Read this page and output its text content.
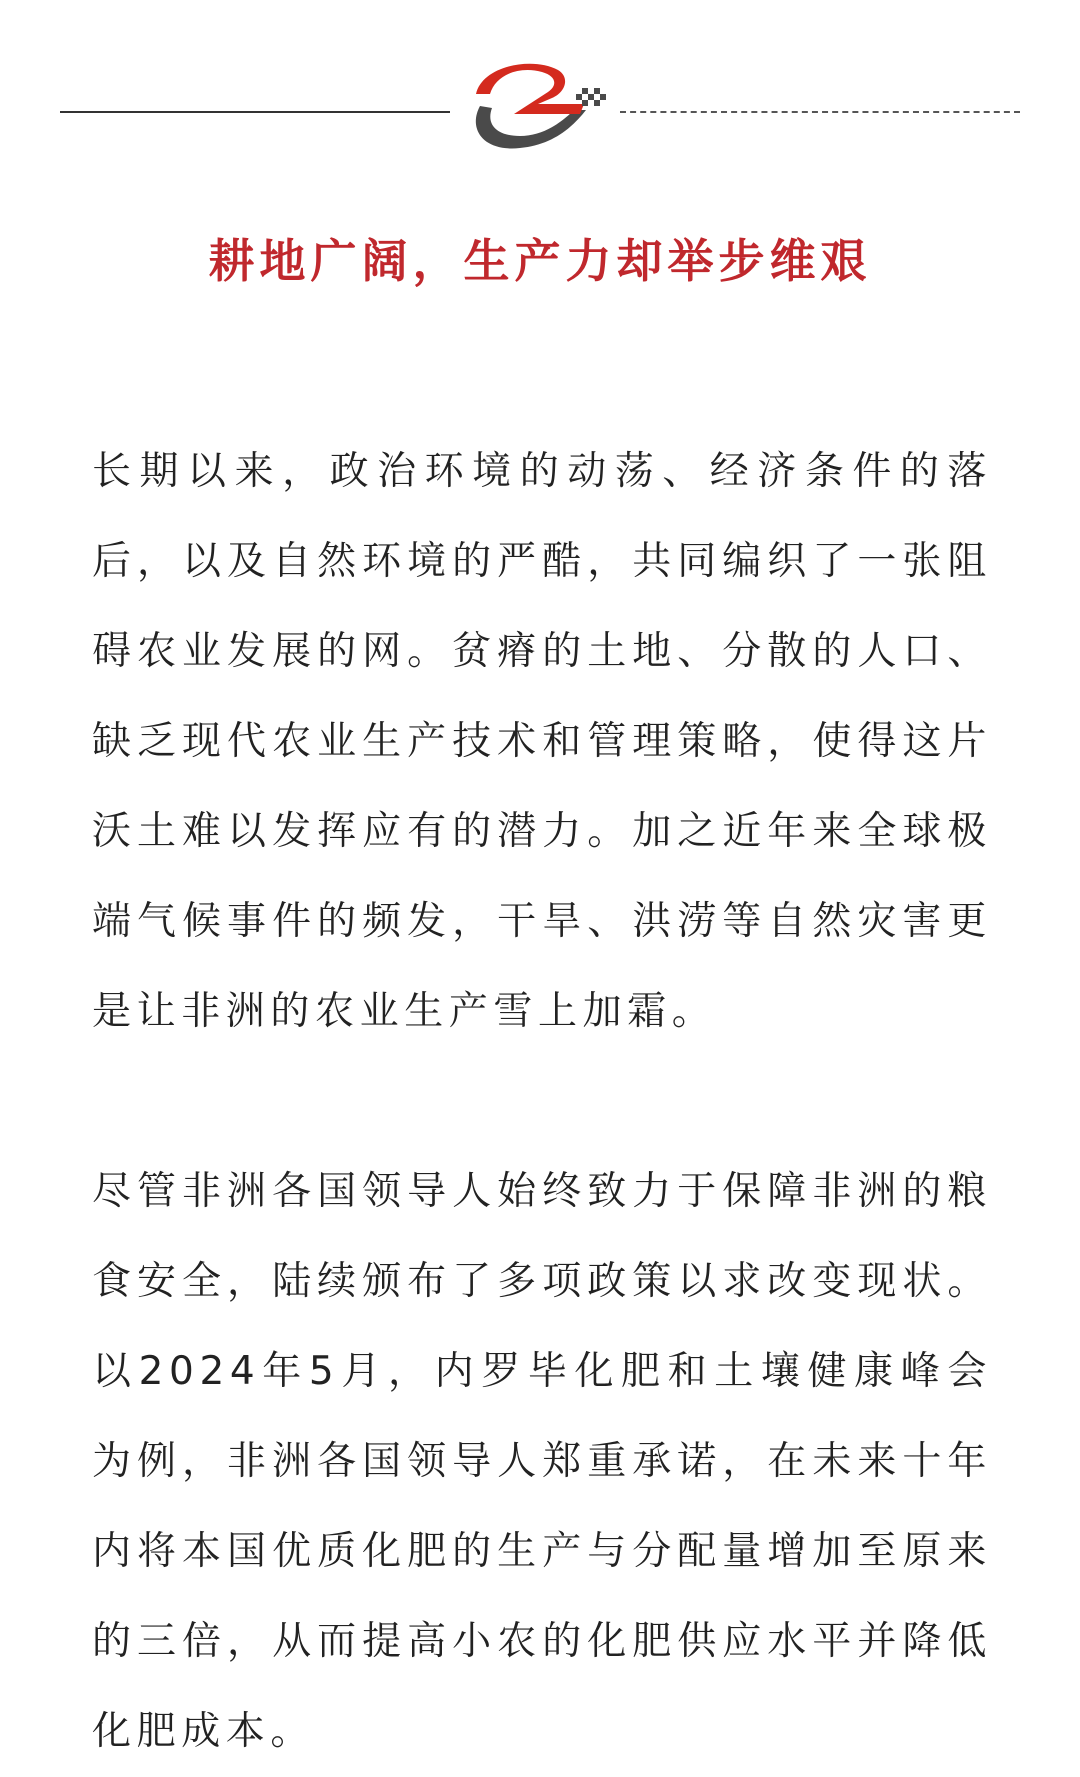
耕地广阔，生产力却举步维艰
长期以来，政治环境的动荡、经济条件的落后，以及自然环境的严酷，共同编织了一张阻碍农业发展的网。贫瘠的土地、分散的人口、缺乏现代农业生产技术和管理策略，使得这片沃土难以发挥应有的潜力。加之近年来全球极端气候事件的频发，干旱、洪涝等自然灾害更是让非洲的农业生产雪上加霜。
尽管非洲各国领导人始终致力于保障非洲的粮食安全，陆续颁布了多项政策以求改变现状。以2024年5月，内罗毕化肥和土壤健康峰会为例，非洲各国领导人郑重承诺，在未来十年内将本国优质化肥的生产与分配量增加至原来的三倍，从而提高小农的化肥供应水平并降低化肥成本。
